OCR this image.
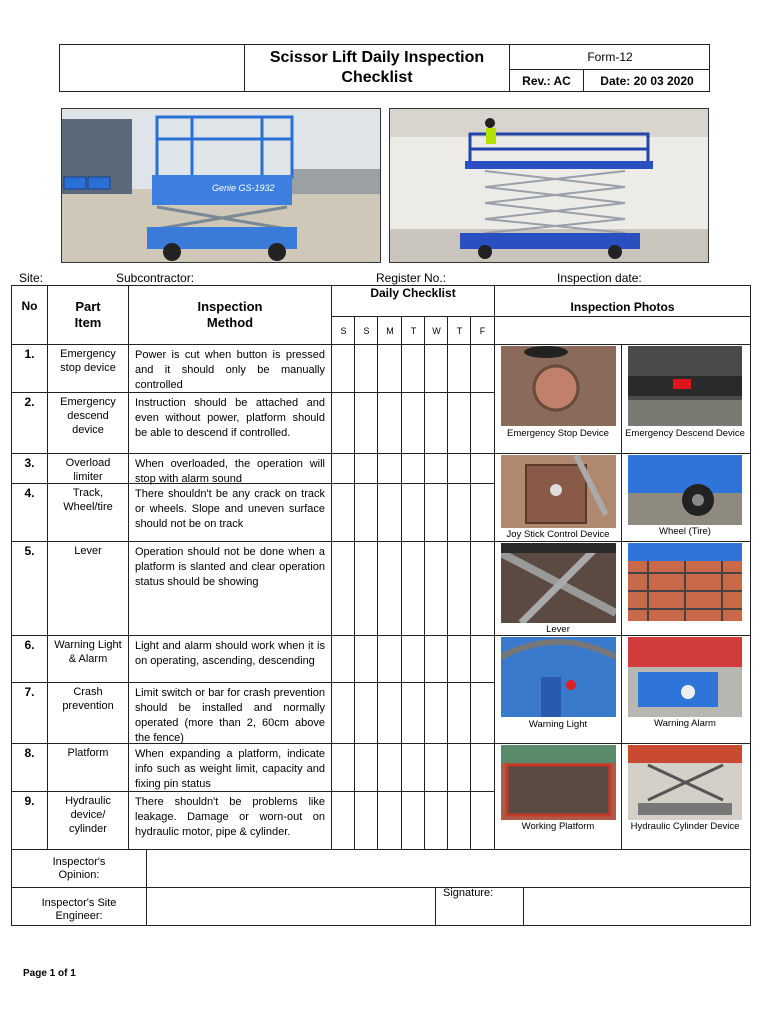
Scissor Lift Daily Inspection
Checklist
Form-12
Rev.: AC	Date: 20 03 2020
Genie GS-1932
Site:	Subcontractor:	Register No.:	Inspection date:
No	Part
Item
Inspection
Method
Daily Checklist
Inspection Photos
S	S	M	T	W	T	F
1.	Emergency stop device
Power is cut when button is pressed and it should only be manually controlled
2.	Emergency descend device
Instruction should be attached and even without power, platform should be able to descend if controlled.
3.	Overload limiter
When overloaded, the operation will stop with alarm sound
4.	Track, Wheel/tire
There shouldn't be any crack on track or wheels. Slope and uneven surface should not be on track
5.	Lever	Operation should not be done when a platform is slanted and clear operation status should be showing
6.	Warning Light & Alarm
Light and alarm should work when it is on operating, ascending, descending
7.	Crash prevention
Limit switch or bar for crash prevention should be installed and normally operated (more than 2, 60cm above the fence)
8.	Platform	When expanding a platform, indicate info such as weight limit, capacity and fixing pin status
9.	Hydraulic device/ cylinder
There shouldn't be problems like leakage. Damage or worn-out on hydraulic motor, pipe & cylinder.
Emergency Stop Device	Emergency Descend Device
Joy Stick Control Device	Wheel (Tire)
Lever
Warning Light	Warning Alarm
Working Platform	Hydraulic Cylinder Device
Inspector's Opinion:
Inspector's Site Engineer:
Signature:
Page 1 of 1
